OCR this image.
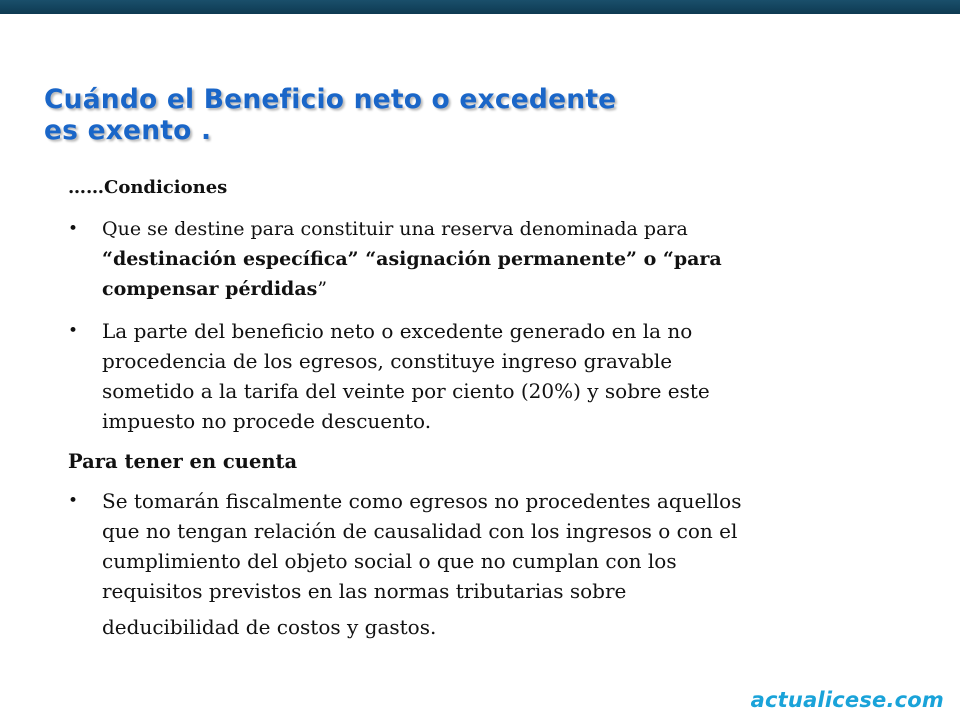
Cuándo el Beneficio neto o excedente
es exento .
……Condiciones
• Que se destine para constituir una reserva denominada para
“destinación específica” “asignación permanente” o “para
compensar pérdidas”
• La parte del beneficio neto o excedente generado en la no
procedencia de los egresos, constituye ingreso gravable
sometido a la tarifa del veinte por ciento (20%) y sobre este
impuesto no procede descuento.
Para tener en cuenta
• Se tomarán fiscalmente como egresos no procedentes aquellos
que no tengan relación de causalidad con los ingresos o con el
cumplimiento del objeto social o que no cumplan con los
requisitos previstos en las normas tributarias sobre
deducibilidad de costos y gastos.
actualicese.com
